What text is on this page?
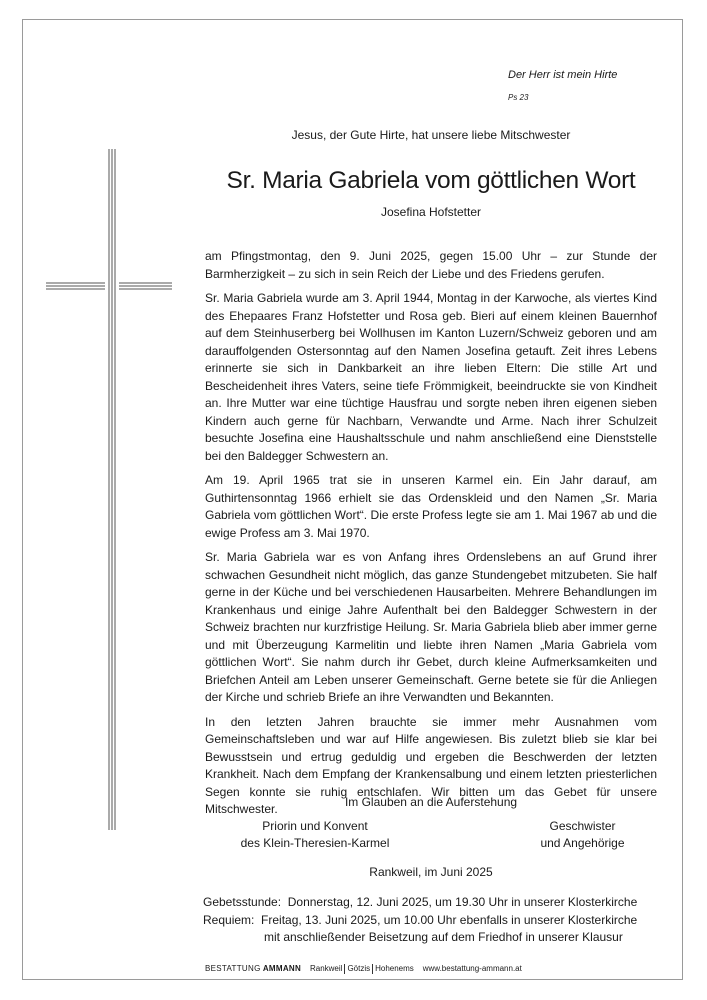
Der Herr ist mein Hirte
Ps 23
Jesus, der Gute Hirte, hat unsere liebe Mitschwester
Sr. Maria Gabriela vom göttlichen Wort
Josefina Hofstetter

am Pfingstmontag, den 9. Juni 2025, gegen 15.00 Uhr – zur Stunde der Barmherzigkeit – zu sich in sein Reich der Liebe und des Friedens gerufen.

Sr. Maria Gabriela wurde am 3. April 1944, Montag in der Karwoche, als viertes Kind des Ehepaares Franz Hofstetter und Rosa geb. Bieri auf einem kleinen Bauernhof auf dem Steinhuserberg bei Wollhusen im Kanton Luzern/Schweiz geboren und am darauffolgenden Ostersonntag auf den Namen Josefina getauft. Zeit ihres Lebens erinnerte sie sich in Dankbarkeit an ihre lieben Eltern: Die stille Art und Bescheidenheit ihres Vaters, seine tiefe Frömmigkeit, beeindruckte sie von Kindheit an. Ihre Mutter war eine tüchtige Hausfrau und sorgte neben ihren eigenen sieben Kindern auch gerne für Nachbarn, Verwandte und Arme. Nach ihrer Schulzeit besuchte Josefina eine Haushaltsschule und nahm anschließend eine Dienststelle bei den Baldegger Schwestern an.

Am 19. April 1965 trat sie in unseren Karmel ein. Ein Jahr darauf, am Guthirtensonntag 1966 erhielt sie das Ordenskleid und den Namen „Sr. Maria Gabriela vom göttlichen Wort“. Die erste Profess legte sie am 1. Mai 1967 ab und die ewige Profess am 3. Mai 1970.

Sr. Maria Gabriela war es von Anfang ihres Ordenslebens an auf Grund ihrer schwachen Gesundheit nicht möglich, das ganze Stundengebet mitzubeten. Sie half gerne in der Küche und bei verschiedenen Hausarbeiten. Mehrere Behandlungen im Krankenhaus und einige Jahre Aufenthalt bei den Baldegger Schwestern in der Schweiz brachten nur kurzfristige Heilung. Sr. Maria Gabriela blieb aber immer gerne und mit Überzeugung Karmelitin und liebte ihren Namen „Maria Gabriela vom göttlichen Wort“. Sie nahm durch ihr Gebet, durch kleine Aufmerksamkeiten und Briefchen Anteil am Leben unserer Gemeinschaft. Gerne betete sie für die Anliegen der Kirche und schrieb Briefe an ihre Verwandten und Bekannten.

In den letzten Jahren brauchte sie immer mehr Ausnahmen vom Gemeinschaftsleben und war auf Hilfe angewiesen. Bis zuletzt blieb sie klar bei Bewusstsein und ertrug geduldig und ergeben die Beschwerden der letzten Krankheit. Nach dem Empfang der Krankensalbung und einem letzten priesterlichen Segen konnte sie ruhig entschlafen. Wir bitten um das Gebet für unsere Mitschwester.	Im Glauben an die Auferstehung
Priorin und Konvent
des Klein-Theresien-Karmel
Geschwister
und Angehörige
Rankweil, im Juni 2025
Gebetsstunde: Donnerstag, 12. Juni 2025, um 19.30 Uhr in unserer Klosterkirche
Requiem: Freitag, 13. Juni 2025, um 10.00 Uhr ebenfalls in unserer Klosterkirche
mit anschließender Beisetzung auf dem Friedhof in unserer Klausur
BESTATTUNG AMMANN Rankweil Götzis Hohenems www.bestattung-ammann.at
